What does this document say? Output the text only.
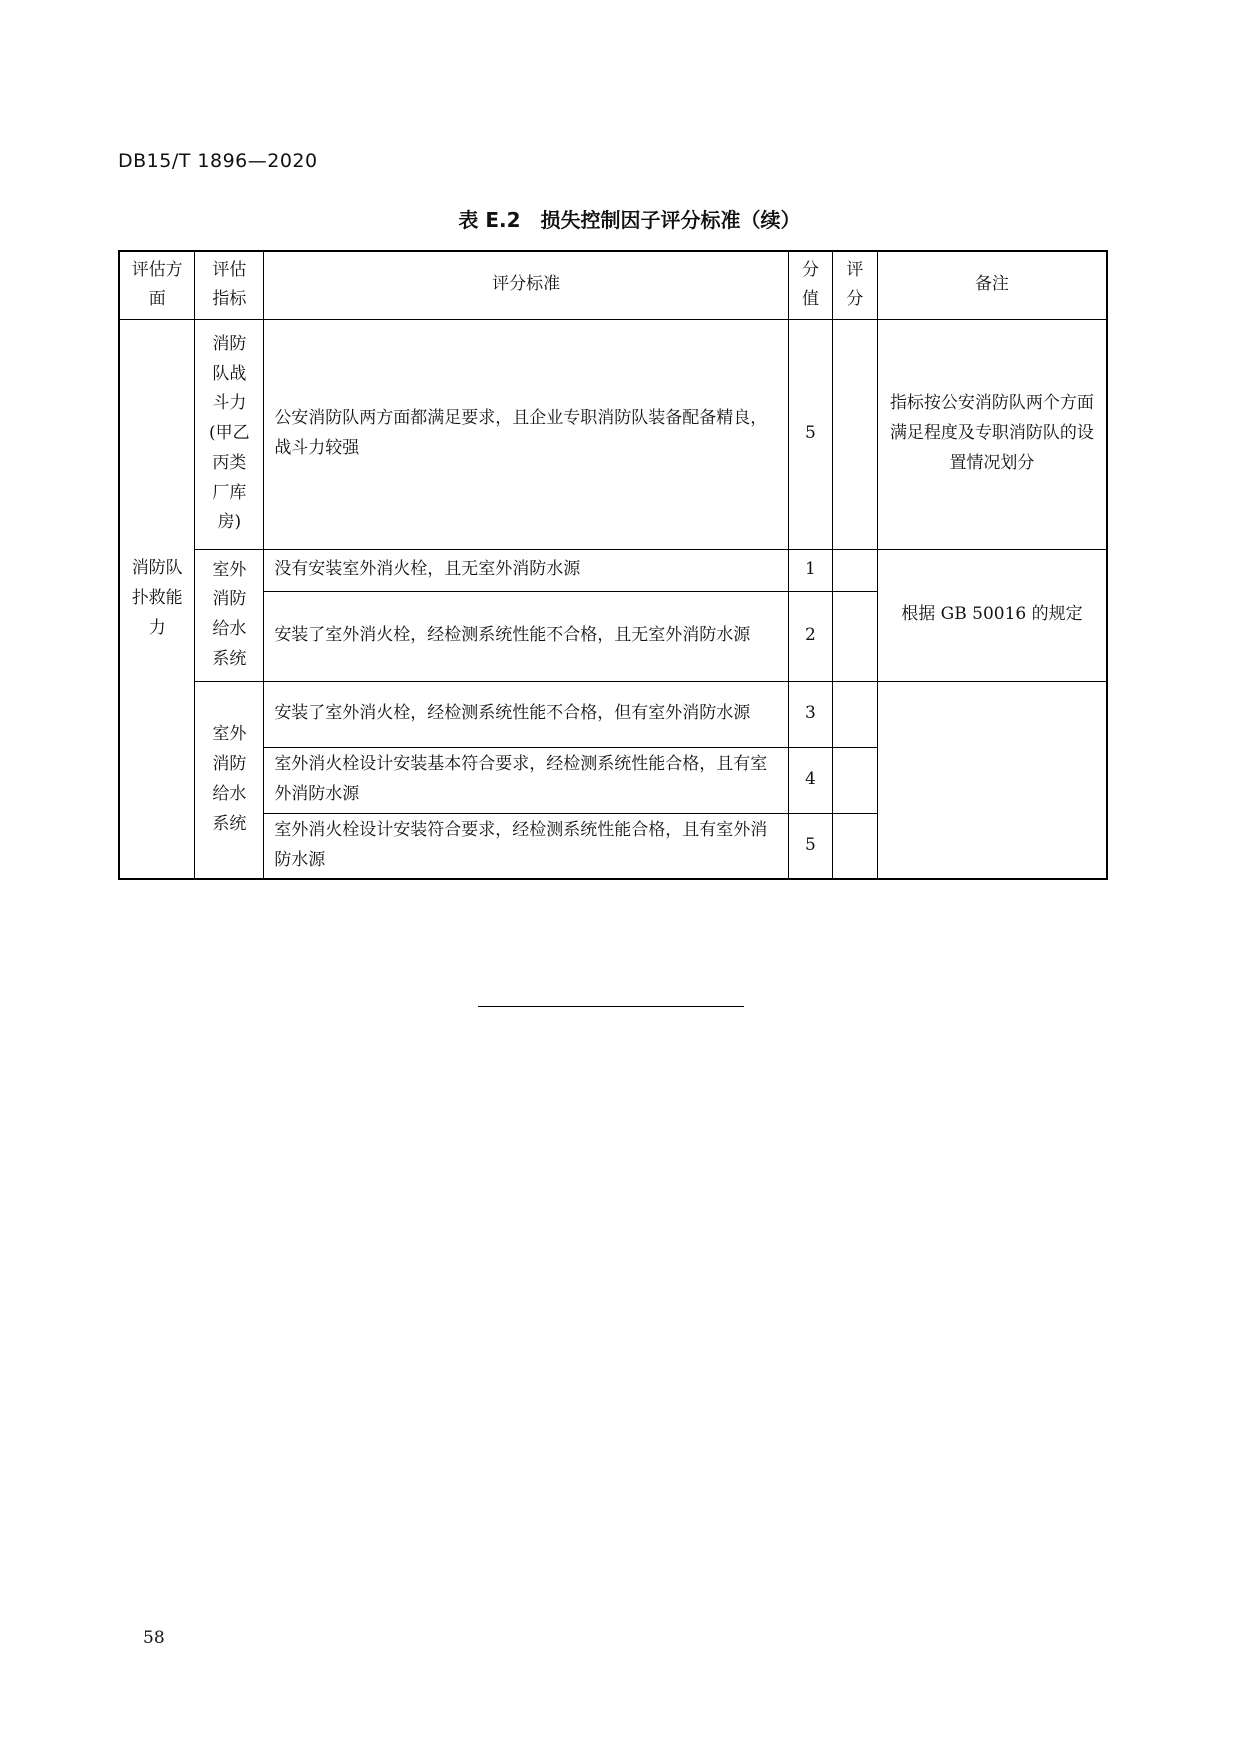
DB15/T 1896—2020
表 E.2　损失控制因子评分标准（续）
评估方面	评估指标	评分标准	分值	评分	备注
消防队扑救能力	消防队战斗力(甲乙丙类厂库房)	公安消防队两方面都满足要求，且企业专职消防队装备配备精良，战斗力较强	5		指标按公安消防队两个方面满足程度及专职消防队的设置情况划分
	室外消防给水系统	没有安装室外消火栓，且无室外消防水源	1		根据 GB 50016 的规定
		安装了室外消火栓，经检测系统性能不合格，且无室外消防水源	2		
	室外消防给水系统	安装了室外消火栓，经检测系统性能不合格，但有室外消防水源	3		
		室外消火栓设计安装基本符合要求，经检测系统性能合格，且有室外消防水源	4		
		室外消火栓设计安装符合要求，经检测系统性能合格，且有室外消防水源	5		
58
